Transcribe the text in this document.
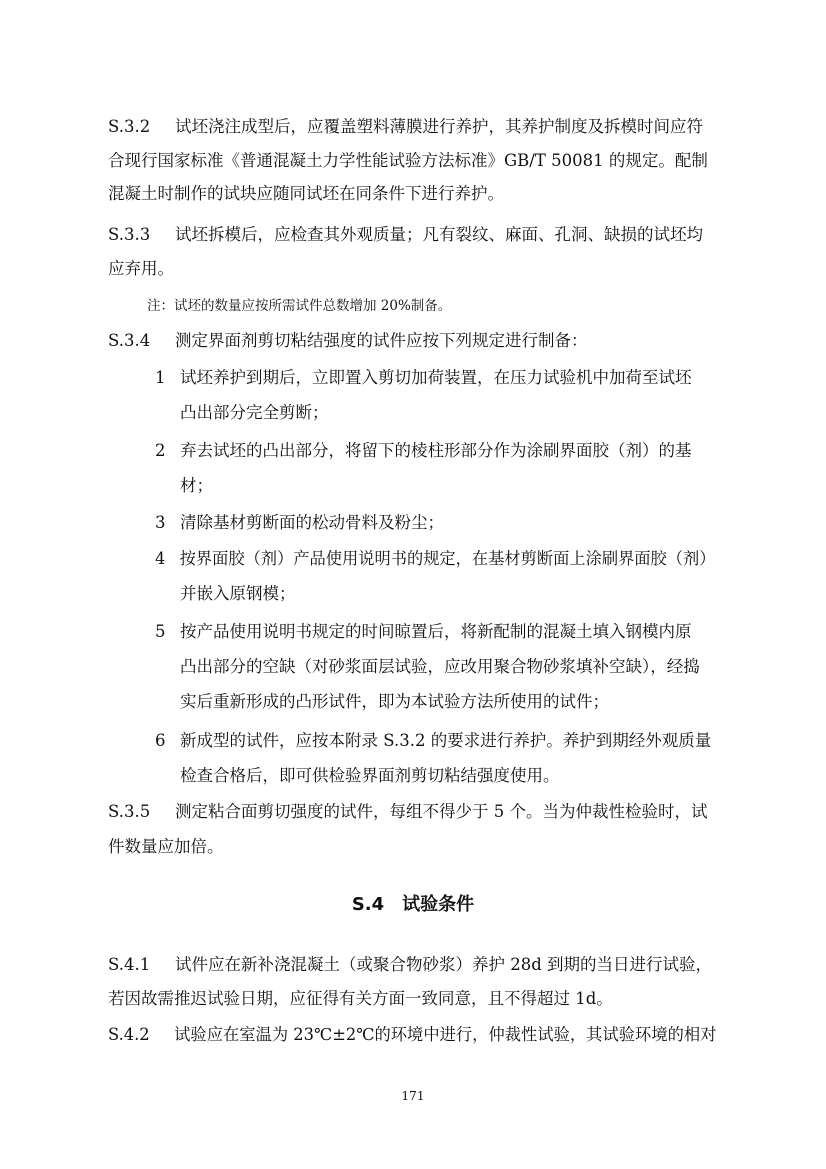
S.3.2 试坯浇注成型后，应覆盖塑料薄膜进行养护，其养护制度及拆模时间应符
合现行国家标准《普通混凝土力学性能试验方法标准》GB/T 50081 的规定。配制
混凝土时制作的试块应随同试坯在同条件下进行养护。
S.3.3 试坯拆模后，应检查其外观质量；凡有裂纹、麻面、孔洞、缺损的试坯均
应弃用。
注：试坯的数量应按所需试件总数增加 20%制备。
S.3.4 测定界面剂剪切粘结强度的试件应按下列规定进行制备：
1 试坯养护到期后，立即置入剪切加荷装置，在压力试验机中加荷至试坯
凸出部分完全剪断；
2 弃去试坯的凸出部分，将留下的棱柱形部分作为涂刷界面胶（剂）的基
材；
3 清除基材剪断面的松动骨料及粉尘；
4 按界面胶（剂）产品使用说明书的规定，在基材剪断面上涂刷界面胶（剂）
并嵌入原钢模；
5 按产品使用说明书规定的时间晾置后，将新配制的混凝土填入钢模内原
凸出部分的空缺（对砂浆面层试验，应改用聚合物砂浆填补空缺），经捣
实后重新形成的凸形试件，即为本试验方法所使用的试件；
6 新成型的试件，应按本附录 S.3.2 的要求进行养护。养护到期经外观质量
检查合格后，即可供检验界面剂剪切粘结强度使用。
S.3.5 测定粘合面剪切强度的试件，每组不得少于 5 个。当为仲裁性检验时，试
件数量应加倍。
S.4 试验条件
S.4.1 试件应在新补浇混凝土（或聚合物砂浆）养护 28d 到期的当日进行试验，
若因故需推迟试验日期，应征得有关方面一致同意，且不得超过 1d。
S.4.2 试验应在室温为 23℃±2℃的环境中进行，仲裁性试验，其试验环境的相对
171
